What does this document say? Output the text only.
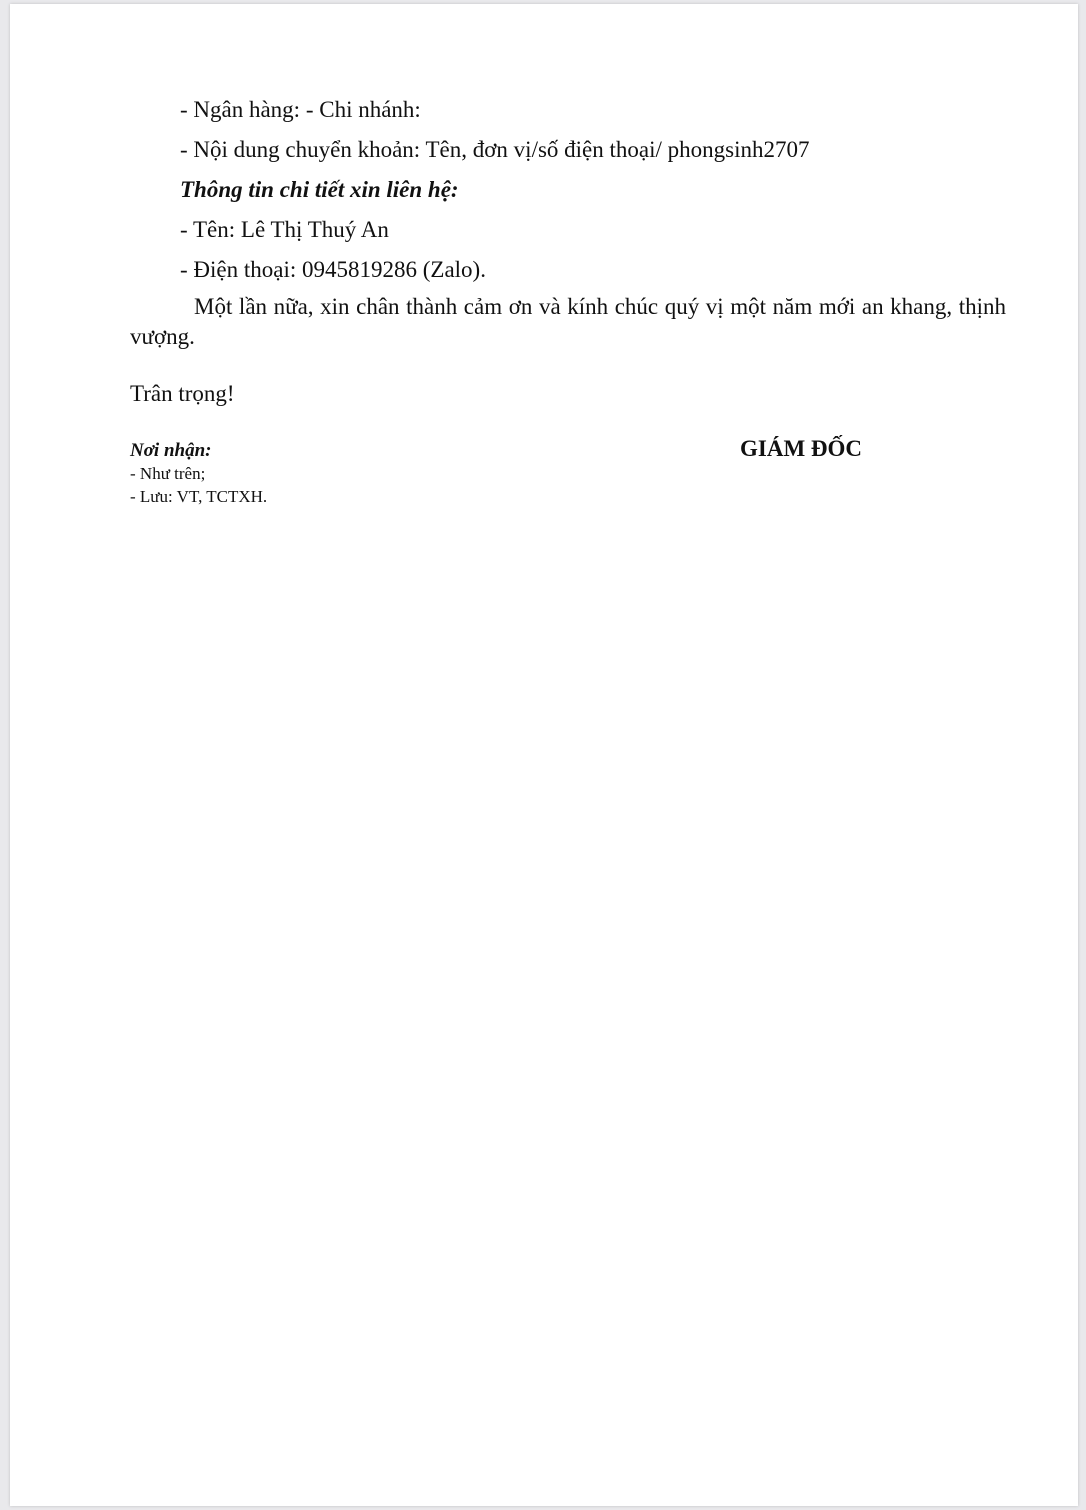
- Ngân hàng: - Chi nhánh:
- Nội dung chuyển khoản: Tên, đơn vị/số điện thoại/ phongsinh2707
Thông tin chi tiết xin liên hệ:
- Tên: Lê Thị Thuý An
- Điện thoại: 0945819286 (Zalo).
Một lần nữa, xin chân thành cảm ơn và kính chúc quý vị một năm mới an khang, thịnh vượng.
Trân trọng!
Nơi nhận:
- Như trên;
- Lưu: VT, TCTXH.
GIÁM ĐỐC
